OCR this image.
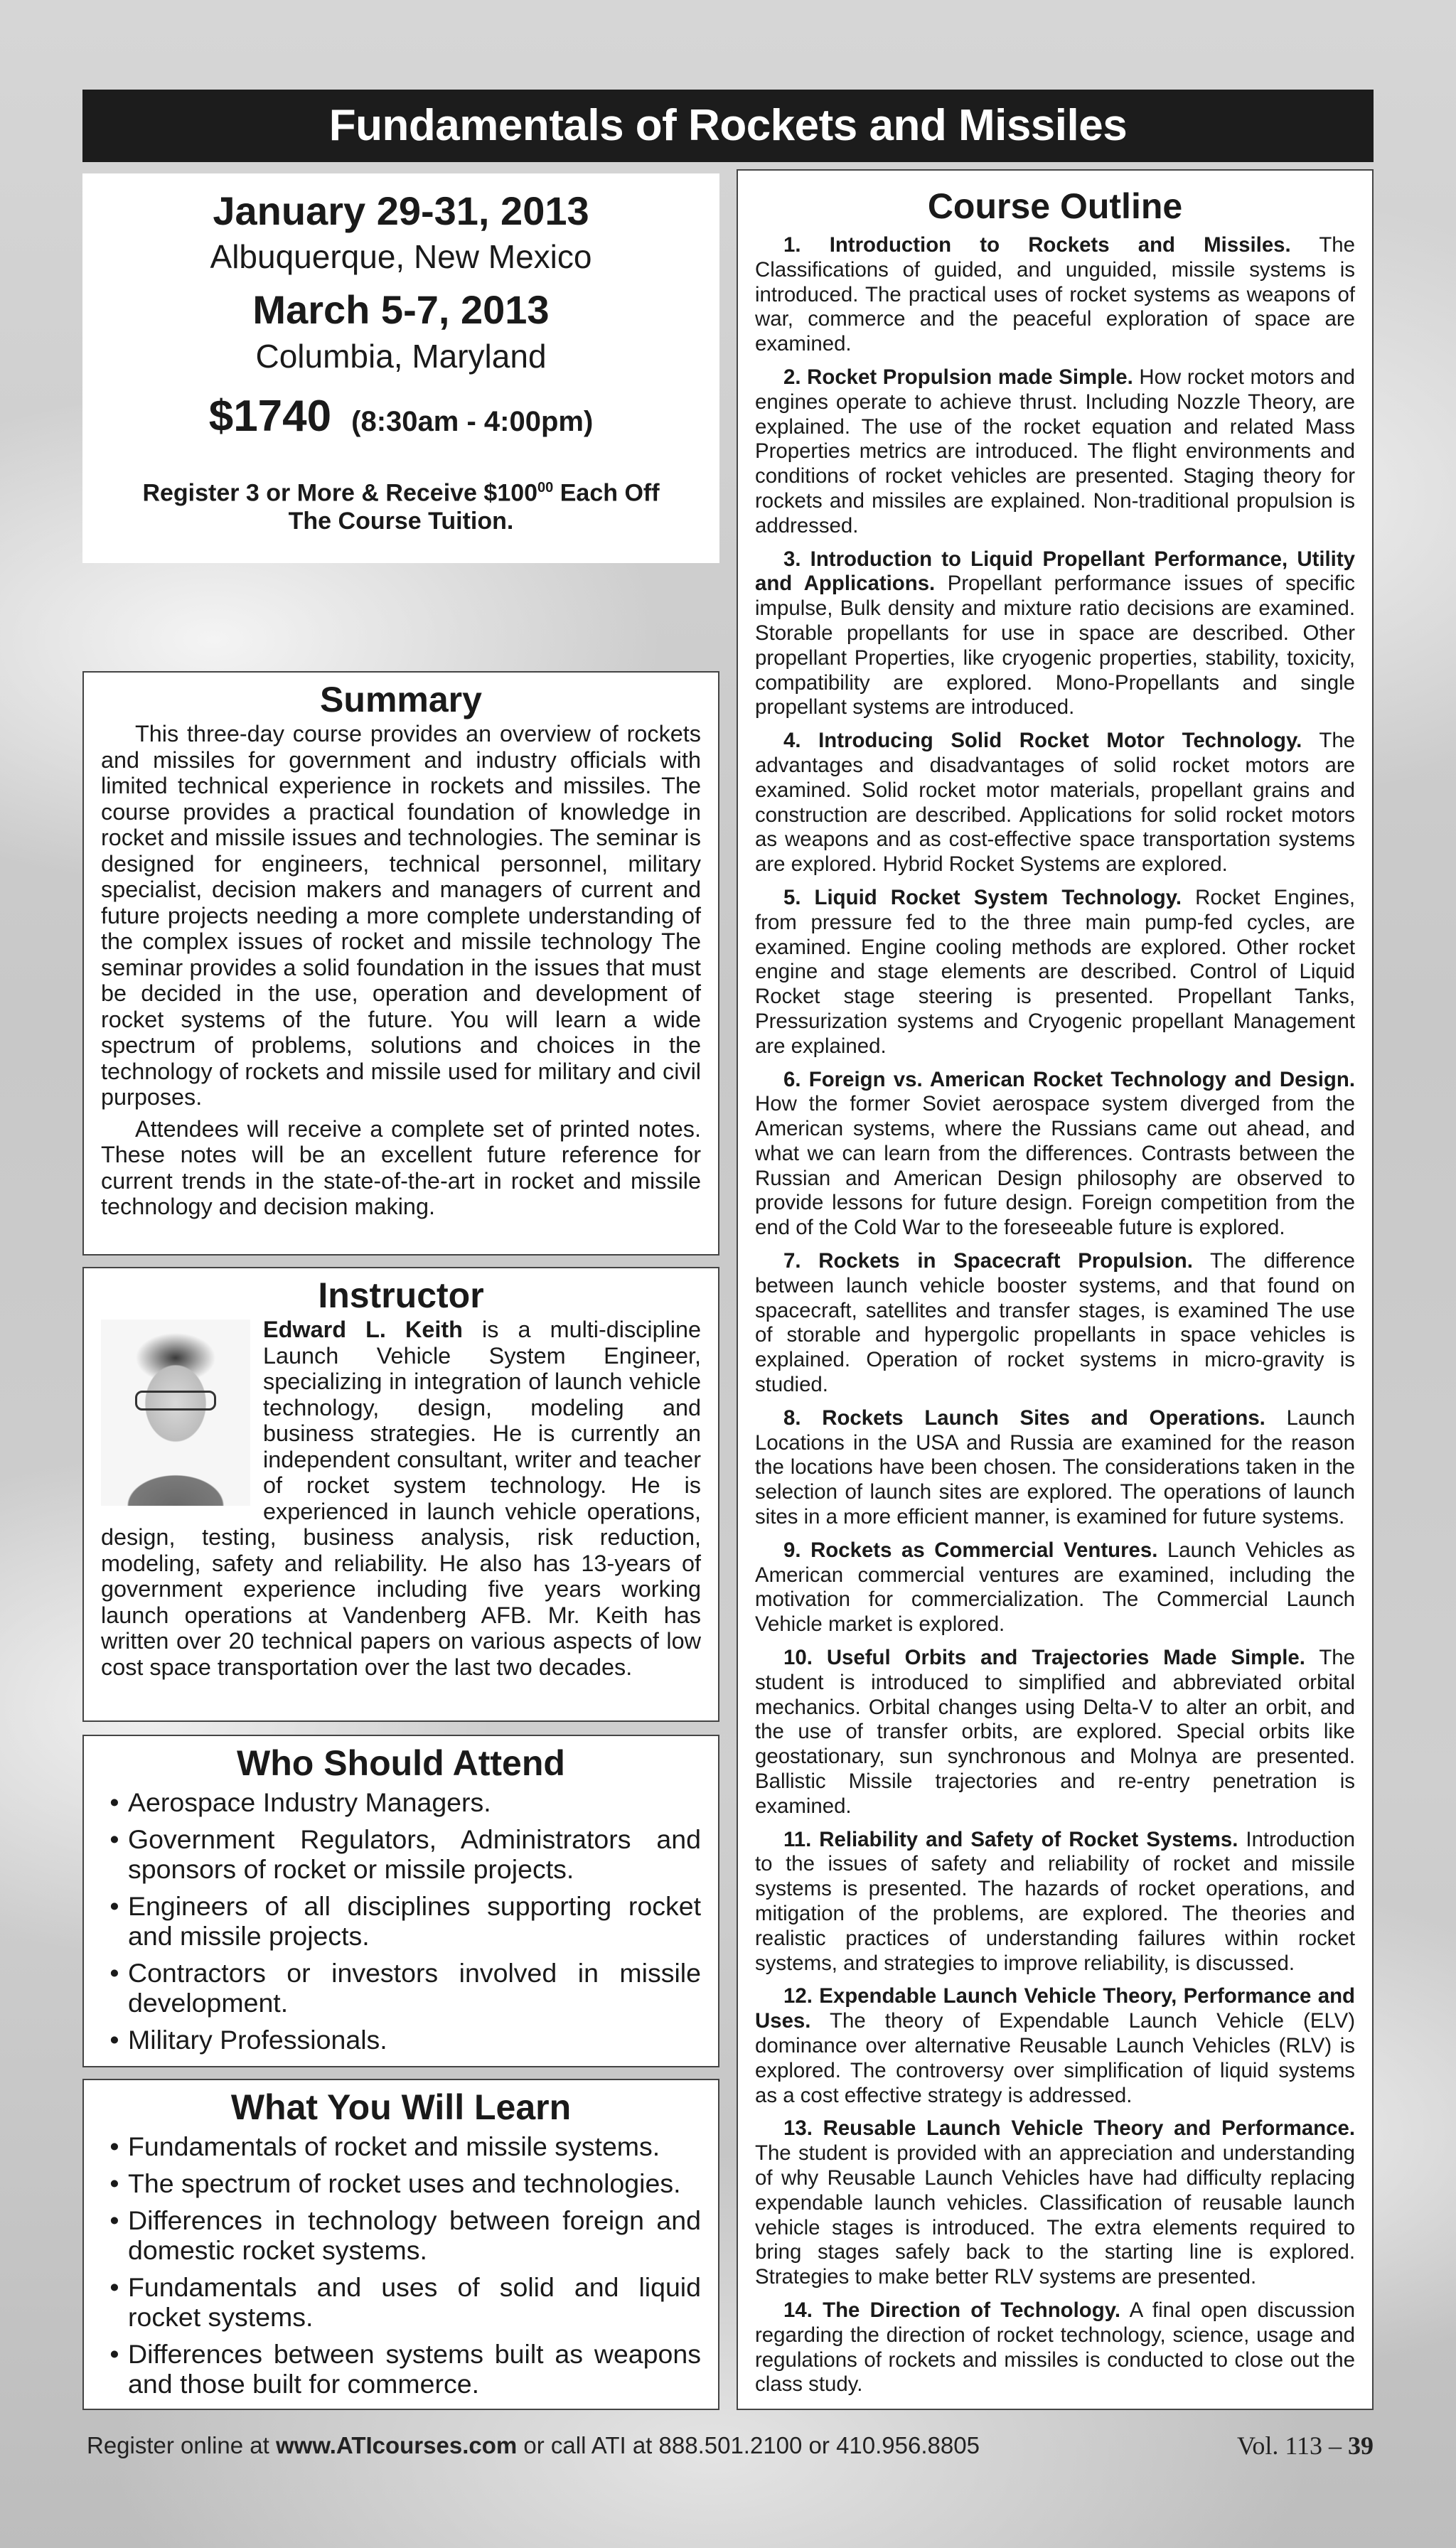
Fundamentals of Rockets and Missiles
January 29-31, 2013
Albuquerque, New Mexico
March 5-7, 2013
Columbia, Maryland
$1740 (8:30am - 4:00pm)
Register 3 or More & Receive $\$100^{00}$ Each Off The Course Tuition.
Summary

This three-day course provides an overview of rockets and missiles for government and industry officials with limited technical experience in rockets and missiles. The course provides a practical foundation of knowledge in rocket and missile issues and technologies. The seminar is designed for engineers, technical personnel, military specialist, decision makers and managers of current and future projects needing a more complete understanding of the complex issues of rocket and missile technology The seminar provides a solid foundation in the issues that must be decided in the use, operation and development of rocket systems of the future. You will learn a wide spectrum of problems, solutions and choices in the technology of rockets and missile used for military and civil purposes.

Attendees will receive a complete set of printed notes. These notes will be an excellent future reference for current trends in the state-of-the-art in rocket and missile technology and decision making.

Instructor

Edward L. Keith
is a multi-discipline Launch Vehicle System Engineer, specializing in integration of launch vehicle technology, design, modeling and business strategies. He is currently an independent consultant, writer and teacher of rocket system technology. He is experienced in launch vehicle operations, design, testing, business analysis, risk reduction, modeling, safety and reliability. He also has 13-years of government experience including five years working launch operations at Vandenberg AFB. Mr. Keith has written over 20 technical papers on various aspects of low cost space transportation over the last two decades.

Who Should Attend
• Aerospace Industry Managers.
• Government Regulators, Administrators and sponsors of rocket or missile projects.
• Engineers of all disciplines supporting rocket and missile projects.
• Contractors or investors involved in missile development.
• Military Professionals.
What You Will Learn
• Fundamentals of rocket and missile systems.
• The spectrum of rocket uses and technologies.
• Differences in technology between foreign and domestic rocket systems.
• Fundamentals and uses of solid and liquid rocket systems.
• Differences between systems built as weapons and those built for commerce.
Course Outline

1. Introduction to Rockets and Missiles. The Classifications of guided, and unguided, missile systems is introduced. The practical uses of rocket systems as weapons of war, commerce and the peaceful exploration of space are examined.

2. Rocket Propulsion made Simple. How rocket motors and engines operate to achieve thrust. Including Nozzle Theory, are explained. The use of the rocket equation and related Mass Properties metrics are introduced. The flight environments and conditions of rocket vehicles are presented. Staging theory for rockets and missiles are explained. Non-traditional propulsion is addressed.

3. Introduction to Liquid Propellant Performance, Utility and Applications. Propellant performance issues of specific impulse, Bulk density and mixture ratio decisions are examined. Storable propellants for use in space are described. Other propellant Properties, like cryogenic properties, stability, toxicity, compatibility are explored. Mono-Propellants and single propellant systems are introduced.

4. Introducing Solid Rocket Motor Technology. The advantages and disadvantages of solid rocket motors are examined. Solid rocket motor materials, propellant grains and construction are described. Applications for solid rocket motors as weapons and as cost-effective space transportation systems are explored. Hybrid Rocket Systems are explored.

5. Liquid Rocket System Technology. Rocket Engines, from pressure fed to the three main pump-fed cycles, are examined. Engine cooling methods are explored. Other rocket engine and stage elements are described. Control of Liquid Rocket stage steering is presented. Propellant Tanks, Pressurization systems and Cryogenic propellant Management are explained.

6. Foreign vs. American Rocket Technology and Design. How the former Soviet aerospace system diverged from the American systems, where the Russians came out ahead, and what we can learn from the differences. Contrasts between the Russian and American Design philosophy are observed to provide lessons for future design. Foreign competition from the end of the Cold War to the foreseeable future is explored.

7. Rockets in Spacecraft Propulsion. The difference between launch vehicle booster systems, and that found on spacecraft, satellites and transfer stages, is examined The use of storable and hypergolic propellants in space vehicles is explained. Operation of rocket systems in micro-gravity is studied.

8. Rockets Launch Sites and Operations. Launch Locations in the USA and Russia are examined for the reason the locations have been chosen. The considerations taken in the selection of launch sites are explored. The operations of launch sites in a more efficient manner, is examined for future systems.

9. Rockets as Commercial Ventures. Launch Vehicles as American commercial ventures are examined, including the motivation for commercialization. The Commercial Launch Vehicle market is explored.

10. Useful Orbits and Trajectories Made Simple. The student is introduced to simplified and abbreviated orbital mechanics. Orbital changes using Delta-V to alter an orbit, and the use of transfer orbits, are explored. Special orbits like geostationary, sun synchronous and Molnya are presented. Ballistic Missile trajectories and re-entry penetration is examined.

11. Reliability and Safety of Rocket Systems. Introduction to the issues of safety and reliability of rocket and missile systems is presented. The hazards of rocket operations, and mitigation of the problems, are explored. The theories and realistic practices of understanding failures within rocket systems, and strategies to improve reliability, is discussed.

12. Expendable Launch Vehicle Theory, Performance and Uses. The theory of Expendable Launch Vehicle (ELV) dominance over alternative Reusable Launch Vehicles (RLV) is explored. The controversy over simplification of liquid systems as a cost effective strategy is addressed.

13. Reusable Launch Vehicle Theory and Performance. The student is provided with an appreciation and understanding of why Reusable Launch Vehicles have had difficulty replacing expendable launch vehicles. Classification of reusable launch vehicle stages is introduced. The extra elements required to bring stages safely back to the starting line is explored. Strategies to make better RLV systems are presented.

14. The Direction of Technology. A final open discussion regarding the direction of rocket technology, science, usage and regulations of rockets and missiles is conducted to close out the class study.

Register online at www.ATIcourses.com or call ATI at 888.501.2100 or 410.956.8805	Vol. 113 – 39
